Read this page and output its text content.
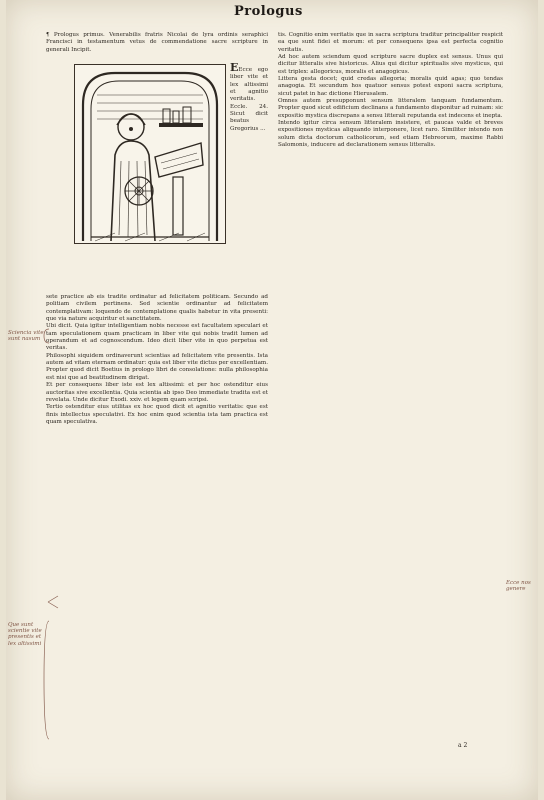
Prologus
¶ Prologus primus. Venerabilis fratris Nicolai de lyra ordinis seraphici Francisci in testamentum vetus de commendatione sacre scripture in generali Incipit.
EEcce ego liber vite et lex altissimi et agnitio veritatis. Eccle. 24. Sicut dicit beatus Gregorius ...

sete practice ab eis tradite ordinatur ad felicitatem politicam. Secundo ad politiam civilem pertinens. Sed scientie ordinantur ad felicitatem contemplativam: loquendo de contemplatione qualis habetur in vita presenti: que via nature acquiritur et sanctitatem.

Ubi dicit. Quia igitur intelligentiam nobis necesse est facultatem speculari et tam speculationem quam practicam in liber vite qui nobis tradit lumen ad operandum et ad cognoscendum. Ideo dicit liber vite in quo perpetua est veritas.

Philosophi siquidem ordinaverunt scientias ad felicitatem vite presentis. Ista autem ad vitam eternam ordinatur: quia est liber vite dictus per excellentiam. Propter quod dicit Boetius in prologo libri de consolatione: nulla philosophia est nisi que ad beatitudinem dirigat.

Et per consequens liber iste est lex altissimi: et per hoc ostenditur eius auctoritas sive excellentia. Quia scientia ab ipso Deo immediate tradita est et revelata. Unde dicitur Exodi. xxiv. et legem quam scripsi.

Tertio ostenditur eius utilitas ex hoc quod dicit et agnitio veritatis: que est finis intellectus speculativi. Ex hoc enim quod scientia ista tam practica est quam speculativa.

tis. Cognitio enim veritatis que in sacra scriptura traditur principaliter respicit ea que sunt fidei et morum: et per consequens ipsa est perfecta cognitio veritatis.

Ad hoc autem sciendum quod scripture sacre duplex est sensus. Unus qui dicitur litteralis sive historicus. Alius qui dicitur spiritualis sive mysticus, qui est triplex: allegoricus, moralis et anagogicus.

Littera gesta docet; quid credas allegoria; moralis quid agas; quo tendas anagogia. Et secundum hos quatuor sensus potest exponi sacra scriptura, sicut patet in hac dictione Hierusalem.

Omnes autem presupponunt sensum litteralem tanquam fundamentum. Propter quod sicut edificium declinans a fundamento disponitur ad ruinam: sic expositio mystica discrepans a sensu litterali reputanda est indecens et inepta.

Intendo igitur circa sensum litteralem insistere, et paucas valde et breves expositiones mysticas aliquando interponere, licet raro. Similiter intendo non solum dicta doctorum catholicorum, sed etiam Hebreorum, maxime Rabbi Salomonis, inducere ad declarationem sensus litteralis.

Sciencia vite sunt nasum
Que sunt scientie vite presentis et lex altissimi
Ecce nos genere
a 2
